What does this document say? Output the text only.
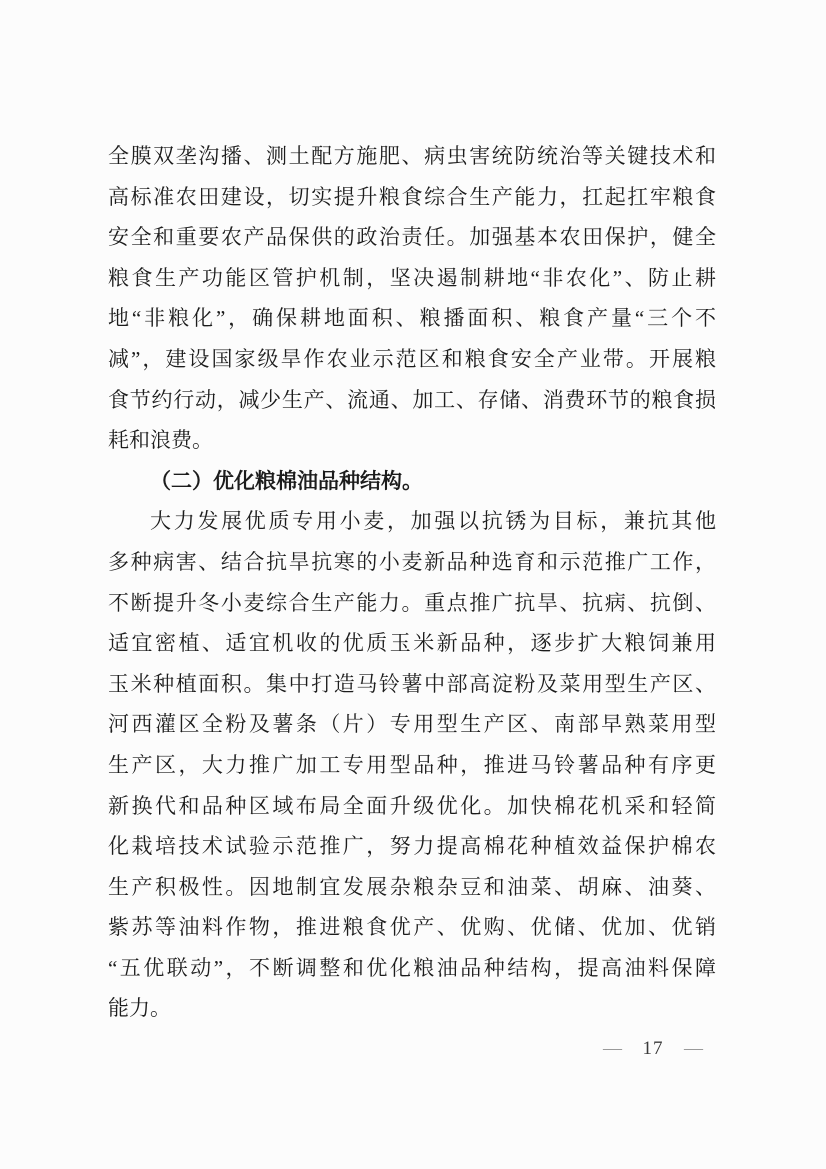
全膜双垄沟播、测土配方施肥、病虫害统防统治等关键技术和
高标准农田建设，切实提升粮食综合生产能力，扛起扛牢粮食
安全和重要农产品保供的政治责任。加强基本农田保护，健全
粮食生产功能区管护机制，坚决遏制耕地“非农化”、防止耕
地“非粮化”，确保耕地面积、粮播面积、粮食产量“三个不
减”，建设国家级旱作农业示范区和粮食安全产业带。开展粮
食节约行动，减少生产、流通、加工、存储、消费环节的粮食损
耗和浪费。
（二）优化粮棉油品种结构。
大力发展优质专用小麦，加强以抗锈为目标，兼抗其他
多种病害、结合抗旱抗寒的小麦新品种选育和示范推广工作，
不断提升冬小麦综合生产能力。重点推广抗旱、抗病、抗倒、
适宜密植、适宜机收的优质玉米新品种，逐步扩大粮饲兼用
玉米种植面积。集中打造马铃薯中部高淀粉及菜用型生产区、
河西灌区全粉及薯条（片）专用型生产区、南部早熟菜用型
生产区，大力推广加工专用型品种，推进马铃薯品种有序更
新换代和品种区域布局全面升级优化。加快棉花机采和轻简
化栽培技术试验示范推广，努力提高棉花种植效益保护棉农
生产积极性。因地制宜发展杂粮杂豆和油菜、胡麻、油葵、
紫苏等油料作物，推进粮食优产、优购、优储、优加、优销
“五优联动”，不断调整和优化粮油品种结构，提高油料保障
能力。
— 17 —
